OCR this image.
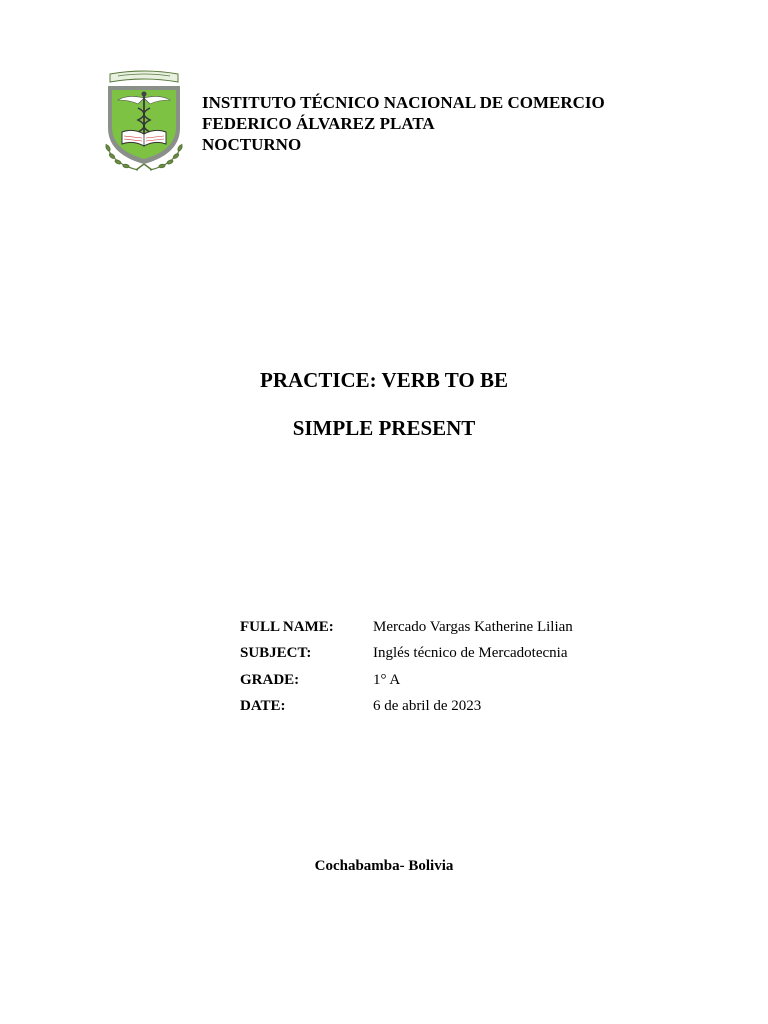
INSTITUTO TÉCNICO NACIONAL DE COMERCIO
FEDERICO ÁLVAREZ PLATA
NOCTURNO
PRACTICE: VERB TO BE
SIMPLE PRESENT
FULL NAME:	Mercado Vargas Katherine Lilian
SUBJECT:	Inglés técnico de Mercadotecnia
GRADE:	1° A
DATE:	6 de abril de 2023
Cochabamba- Bolivia
